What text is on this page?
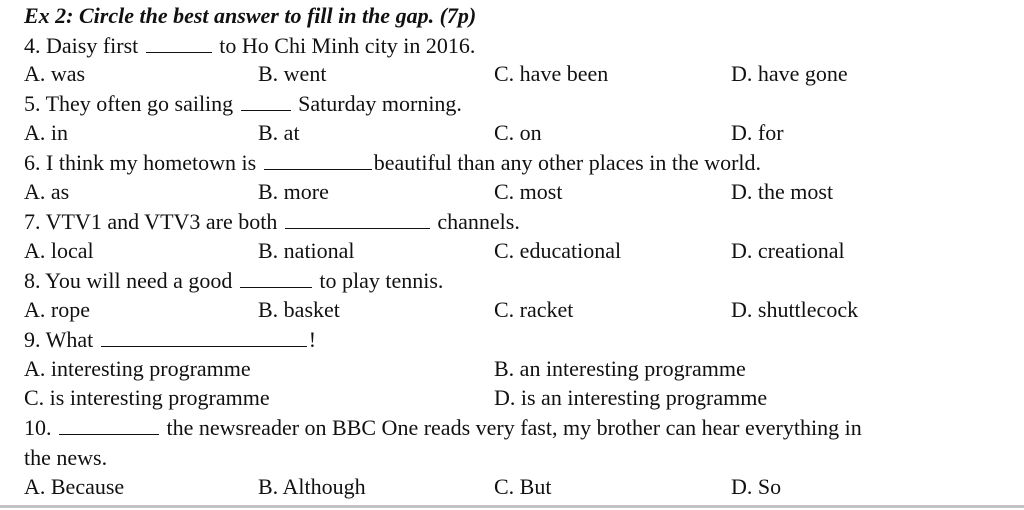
Ex 2: Circle the best answer to fill in the gap. (7p)
4. Daisy first	to Ho Chi Minh city in 2016.
A. was	B. went	C. have been	D. have gone
5. They often go sailing	Saturday morning.
A. in	B. at	C. on	D. for
6. I think my hometown is	beautiful than any other places in the world.
A. as	B. more	C. most	D. the most
7. VTV1 and VTV3 are both	channels.
A. local	B. national	C. educational	D. creational
8. You will need a good	to play tennis.
A. rope	B. basket	C. racket	D. shuttlecock
9. What	!
A. interesting programme	B. an interesting programme
C. is interesting programme	D. is an interesting programme
10.	the newsreader on BBC One reads very fast, my brother can hear everything in
the news.
A. Because	B. Although	C. But	D. So
